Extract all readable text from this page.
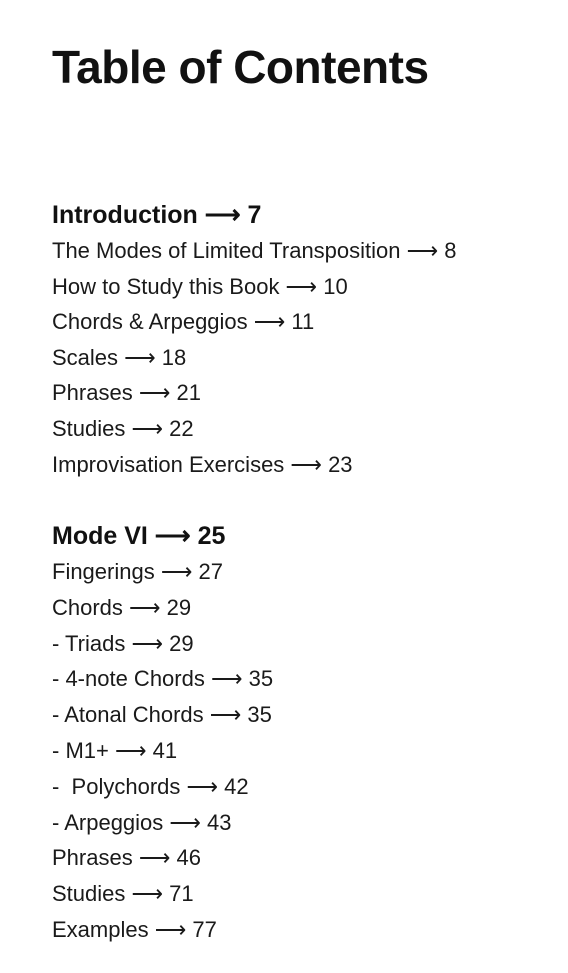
Table of Contents
Introduction ⟶ 7
The Modes of Limited Transposition ⟶ 8
How to Study this Book ⟶ 10
Chords & Arpeggios ⟶ 11
Scales ⟶ 18
Phrases ⟶ 21
Studies ⟶ 22
Improvisation Exercises ⟶ 23
Mode VI ⟶ 25
Fingerings ⟶ 27
Chords ⟶ 29
- Triads ⟶ 29
- 4-note Chords ⟶ 35
- Atonal Chords ⟶ 35
- M1+ ⟶ 41
-  Polychords ⟶ 42
- Arpeggios ⟶ 43
Phrases ⟶ 46
Studies ⟶ 71
Examples ⟶ 77
